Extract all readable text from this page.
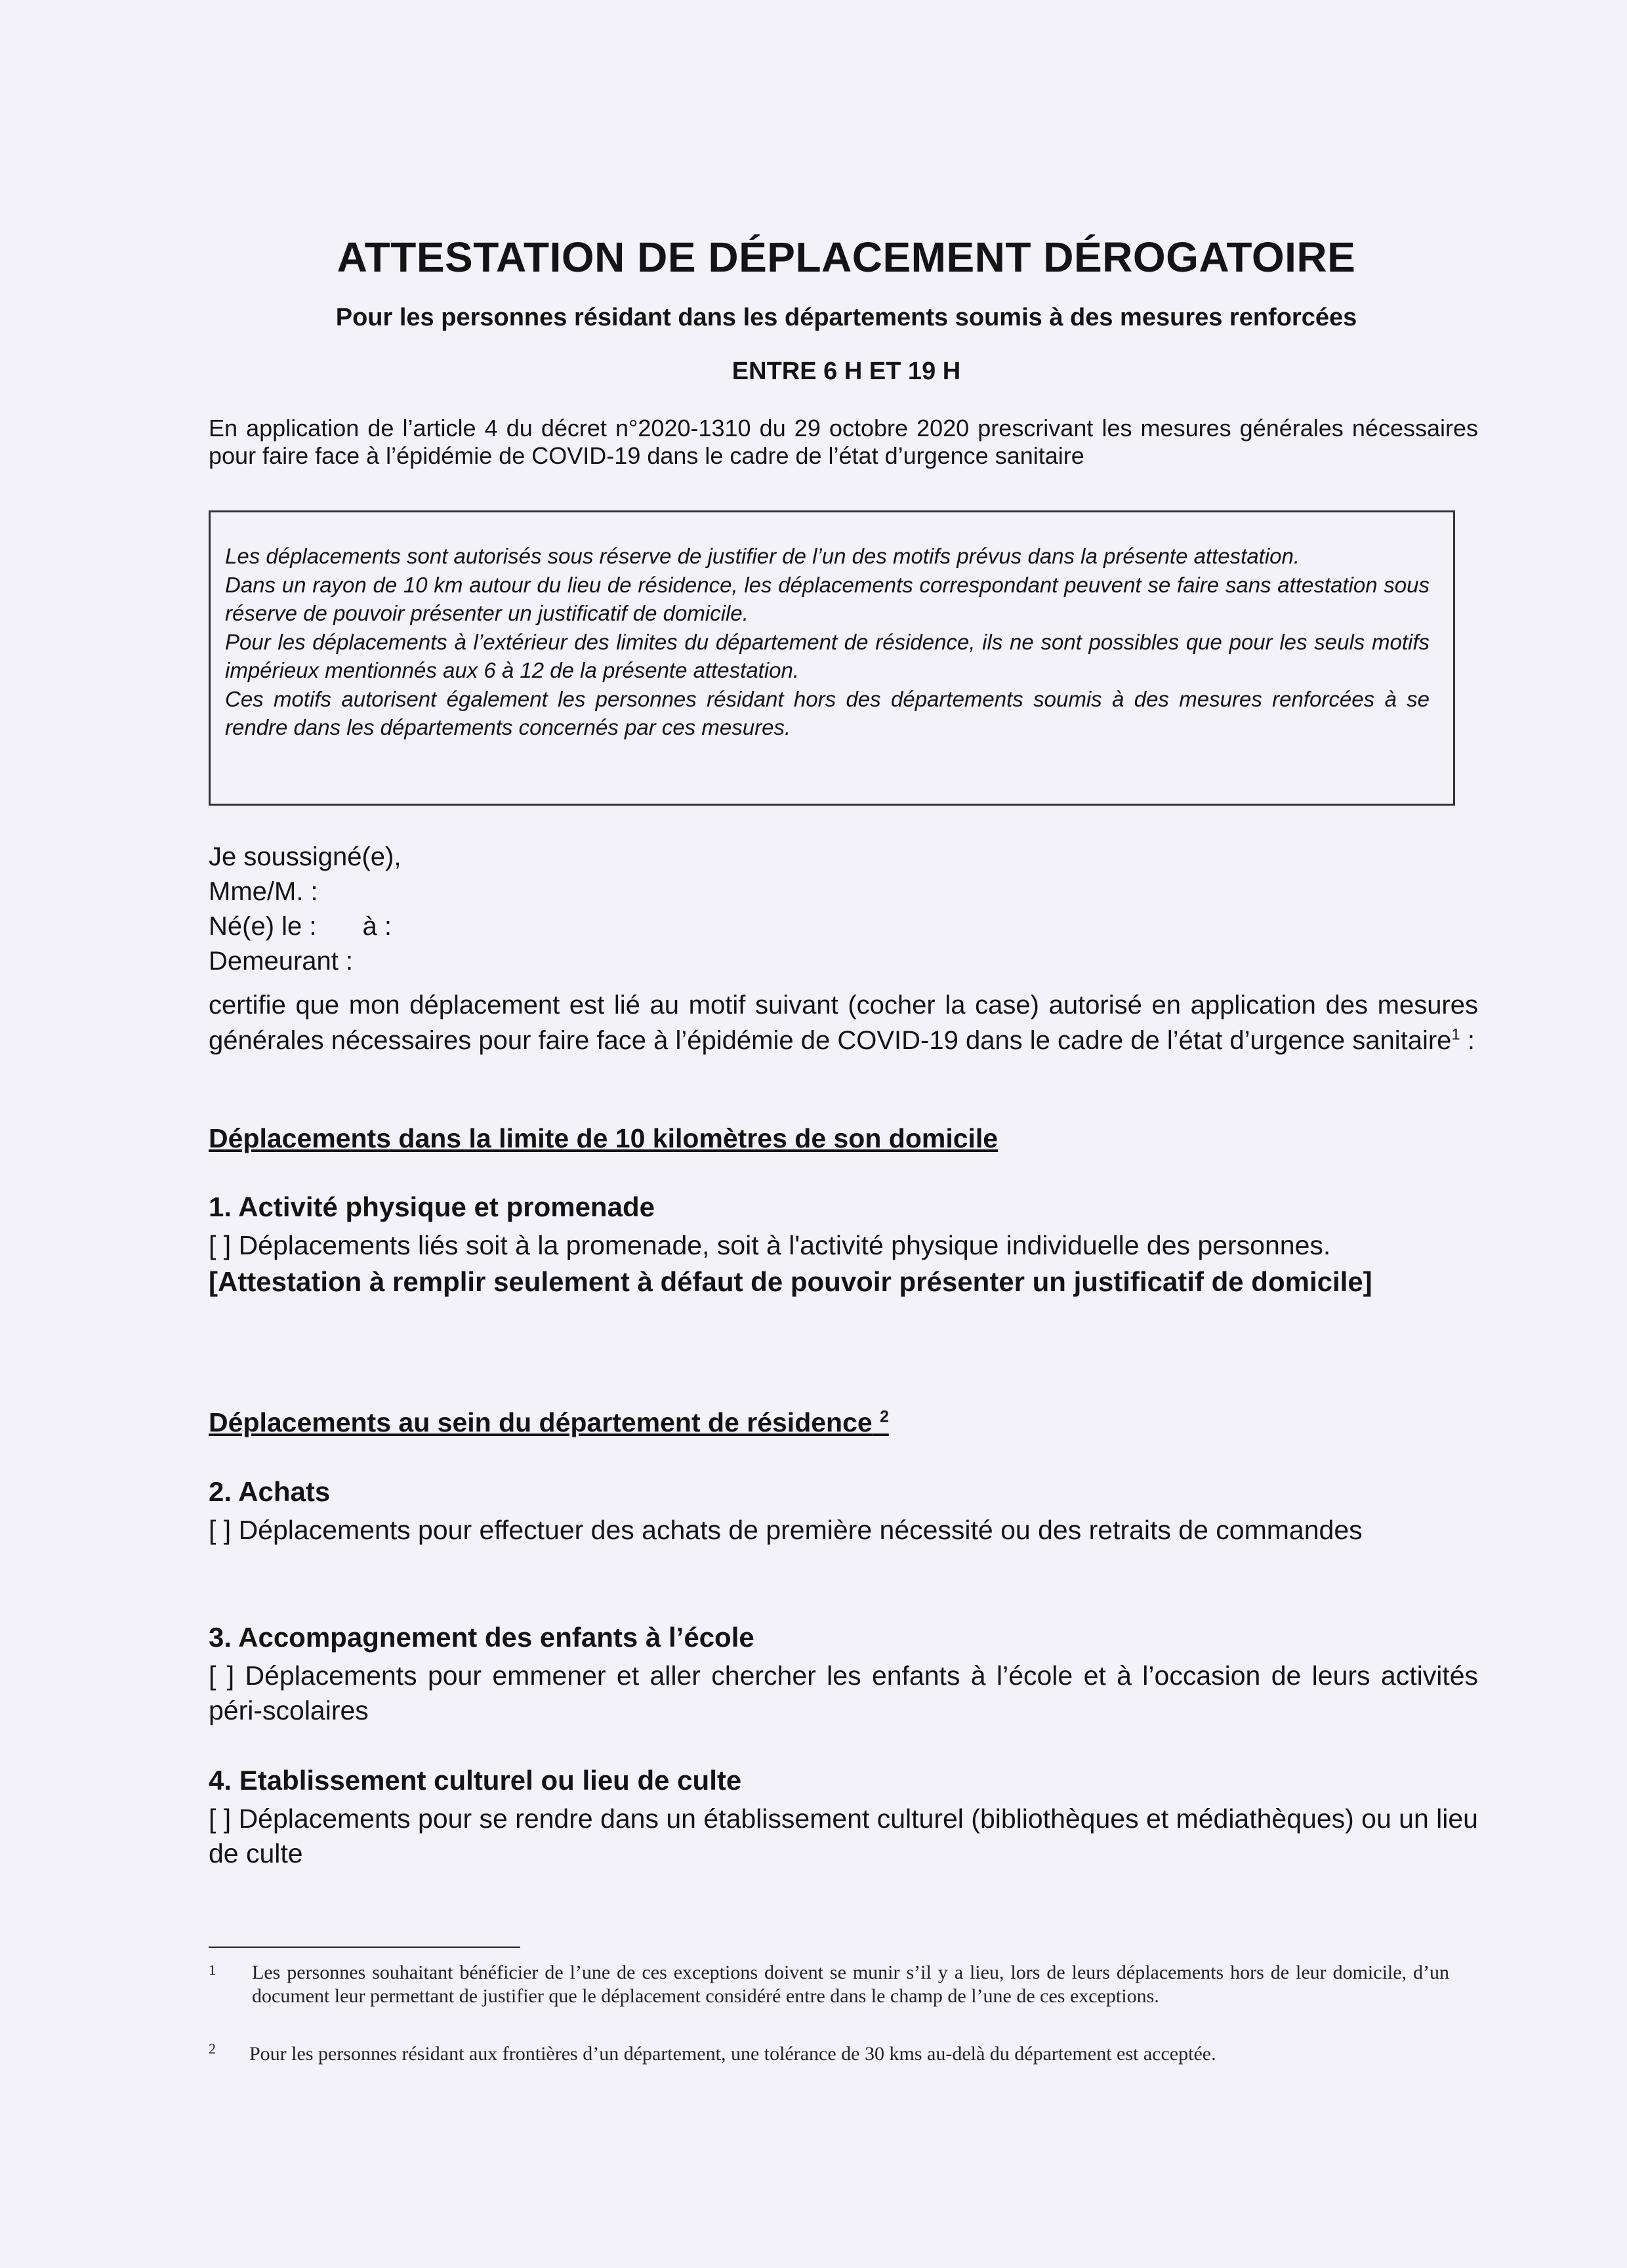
ATTESTATION DE DÉPLACEMENT DÉROGATOIRE
Pour les personnes résidant dans les départements soumis à des mesures renforcées
ENTRE 6 H ET 19 H
En application de l’article 4 du décret n°2020-1310 du 29 octobre 2020 prescrivant les mesures générales nécessaires pour faire face à l’épidémie de COVID-19 dans le cadre de l’état d’urgence sanitaire

Les déplacements sont autorisés sous réserve de justifier de l’un des motifs prévus dans la présente attestation.

Dans un rayon de 10 km autour du lieu de résidence, les déplacements correspondant peuvent se faire sans attestation sous réserve de pouvoir présenter un justificatif de domicile.

Pour les déplacements à l’extérieur des limites du département de résidence, ils ne sont possibles que pour les seuls motifs impérieux mentionnés aux 6 à 12 de la présente attestation.

Ces motifs autorisent également les personnes résidant hors des départements soumis à des mesures renforcées à se rendre dans les départements concernés par ces mesures.

Je soussigné(e),
Mme/M. :
Né(e) le : à :
Demeurant :
certifie que mon déplacement est lié au motif suivant (cocher la case) autorisé en application des mesures générales nécessaires pour faire face à l’épidémie de COVID-19 dans le cadre de l’état d’urgence sanitaire$^1$ :
Déplacements dans la limite de 10 kilomètres de son domicile
1. Activité physique et promenade
[ ] Déplacements liés soit à la promenade, soit à l'activité physique individuelle des personnes.
[Attestation à remplir seulement à défaut de pouvoir présenter un justificatif de domicile]
Déplacements au sein du département de résidence $^2$
2. Achats
[ ] Déplacements pour effectuer des achats de première nécessité ou des retraits de commandes
3. Accompagnement des enfants à l’école
[ ] Déplacements pour emmener et aller chercher les enfants à l’école et à l’occasion de leurs activités péri-scolaires
4. Etablissement culturel ou lieu de culte
[ ] Déplacements pour se rendre dans un établissement culturel (bibliothèques et médiathèques) ou un lieu de culte
1 Les personnes souhaitant bénéficier de l’une de ces exceptions doivent se munir s’il y a lieu, lors de leurs déplacements hors de leur domicile, d’un document leur permettant de justifier que le déplacement considéré entre dans le champ de l’une de ces exceptions.
2 Pour les personnes résidant aux frontières d’un département, une tolérance de 30 kms au-delà du département est acceptée.
